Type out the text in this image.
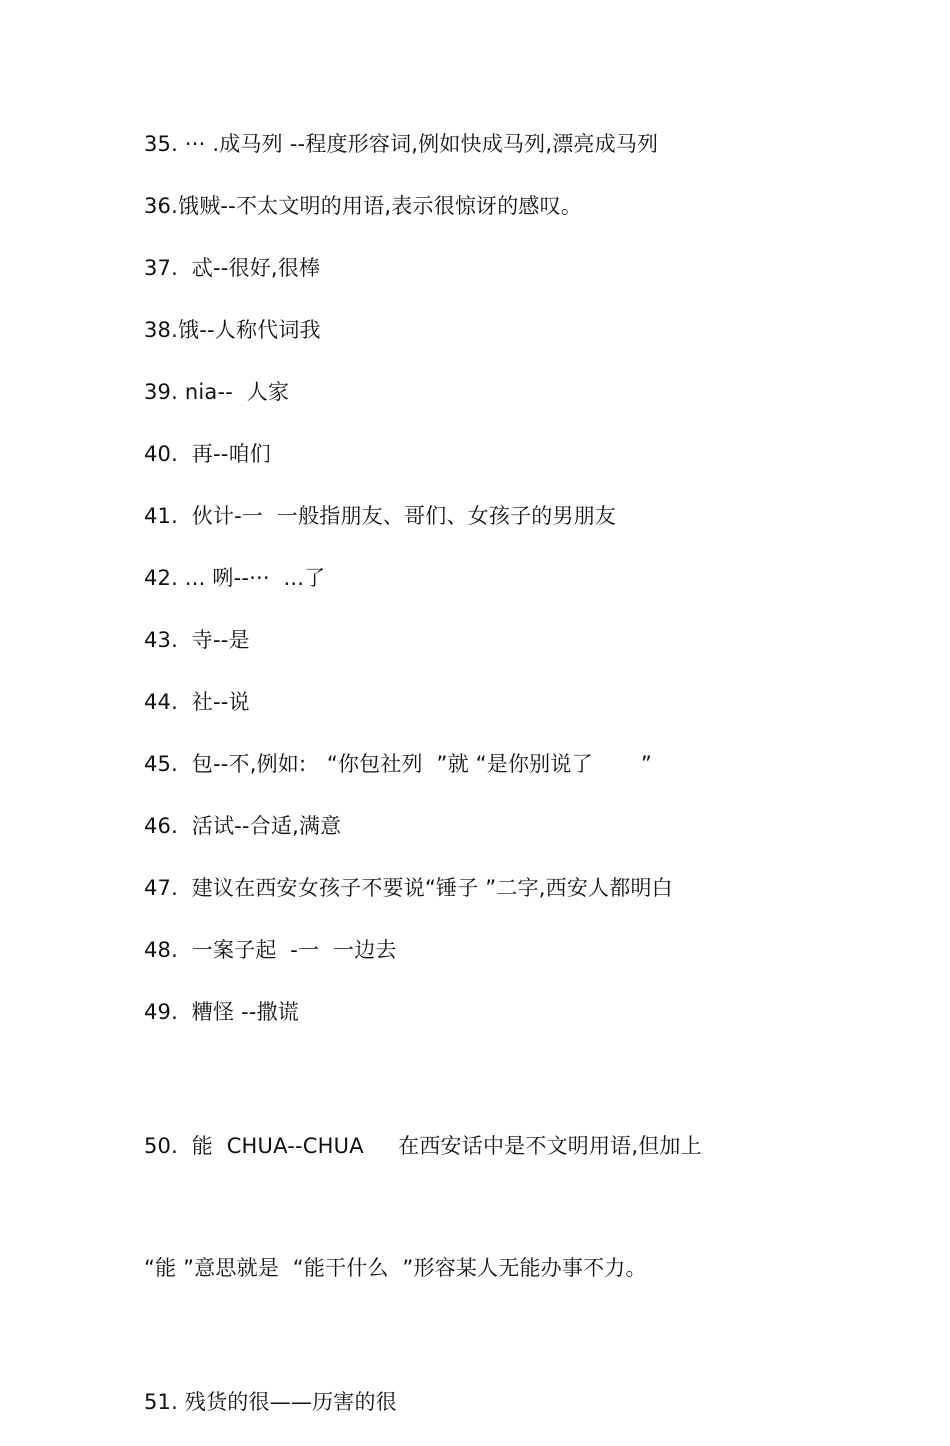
35. ··· .成马列 --程度形容词,例如快成马列,漂亮成马列
36.饿贼--不太文明的用语,表示很惊讶的感叹。
37.  忒--很好,很棒
38.饿--人称代词我
39. nia--  人家
40.  再--咱们
41.  伙计-一  一般指朋友、哥们、女孩子的男朋友
42. ... 咧--···  ...了
43.  寺--是
44.  社--说
45.  包--不,例如:   “你包社列  ”就 “是你别说了       ”
46.  活试--合适,满意
47.  建议在西安女孩子不要说“锤子 ”二字,西安人都明白
48.  一案子起  -一  一边去
49.  糟怪 --撒谎

50.  能  CHUA--CHUA     在西安话中是不文明用语,但加上

“能 ”意思就是  “能干什么  ”形容某人无能办事不力。

51. 残货的很——历害的很
